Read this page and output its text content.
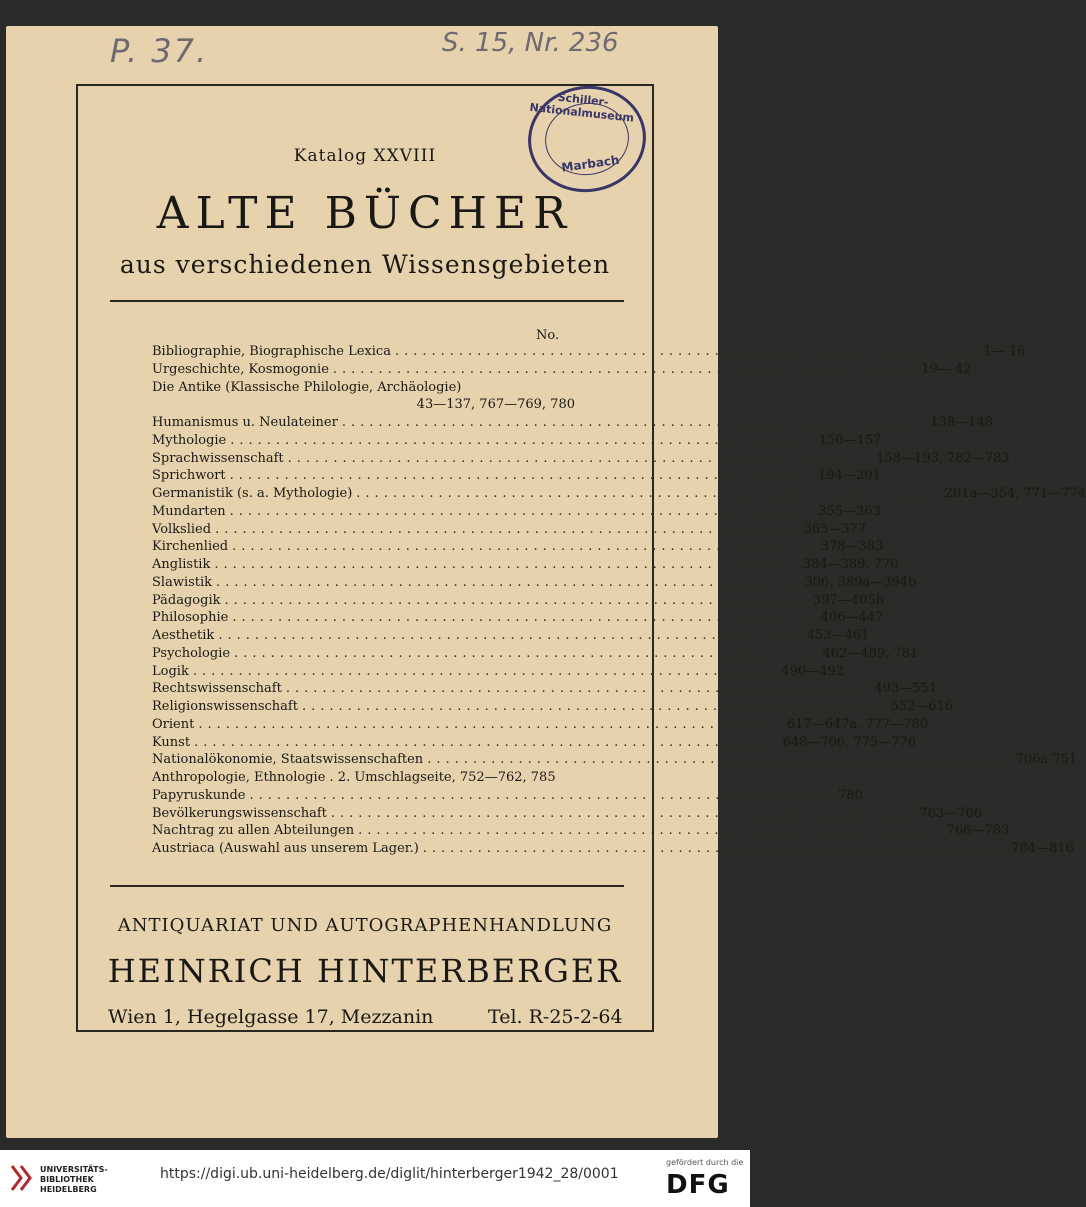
P. 37.	S. 15, Nr. 236
Schiller-Nationalmuseum
Marbach
Katalog XXVIII
ALTE BÜCHER
aus verschiedenen Wissensgebieten
No.
Bibliographie, Biographische Lexica ................................................................ 1— 16
Urgeschichte, Kosmogonie ................................................................ 19— 42
Die Antike (Klassische Philologie, Archäologie)
43—137, 767—769, 780
Humanismus u. Neulateiner ................................................................ 138—148
Mythologie ................................................................ 150—157
Sprachwissenschaft ................................................................ 158—193, 782—783
Sprichwort ................................................................ 194—201
Germanistik (s. a. Mythologie) ................................................................ 201a—354, 771—774
Mundarten ................................................................ 355—363
Volkslied ................................................................ 365—377
Kirchenlied ................................................................ 378—383
Anglistik ................................................................ 384—389, 770
Slawistik ................................................................ 306, 389a—394b
Pädagogik ................................................................ 397—405b
Philosophie ................................................................ 406—447
Aesthetik ................................................................ 453—461
Psychologie ................................................................ 462—489, 781
Logik ................................................................ 490—492
Rechtswissenschaft ................................................................ 493—551
Religionswissenschaft ................................................................ 552—616
Orient ................................................................ 617—647a, 777—780
Kunst ................................................................ 648—706, 775—776
Nationalökonomie, Staatswissenschaften ................................................................ 706a 751
Anthropologie, Ethnologie . 2. Umschlagseite, 752—762, 785
Papyruskunde ................................................................ 780
Bevölkerungswissenschaft ................................................................ 763—766
Nachtrag zu allen Abteilungen ................................................................ 766—783
Austriaca (Auswahl aus unserem Lager.) ................................................................ 784—816
ANTIQUARIAT UND AUTOGRAPHENHANDLUNG
HEINRICH HINTERBERGER
Wien 1, Hegelgasse 17, Mezzanin	Tel. R-25-2-64
UNIVERSITÄTS-
BIBLIOTHEK
HEIDELBERG
https://digi.ub.uni-heidelberg.de/diglit/hinterberger1942_28/0001
gefördert durch die
DFG
